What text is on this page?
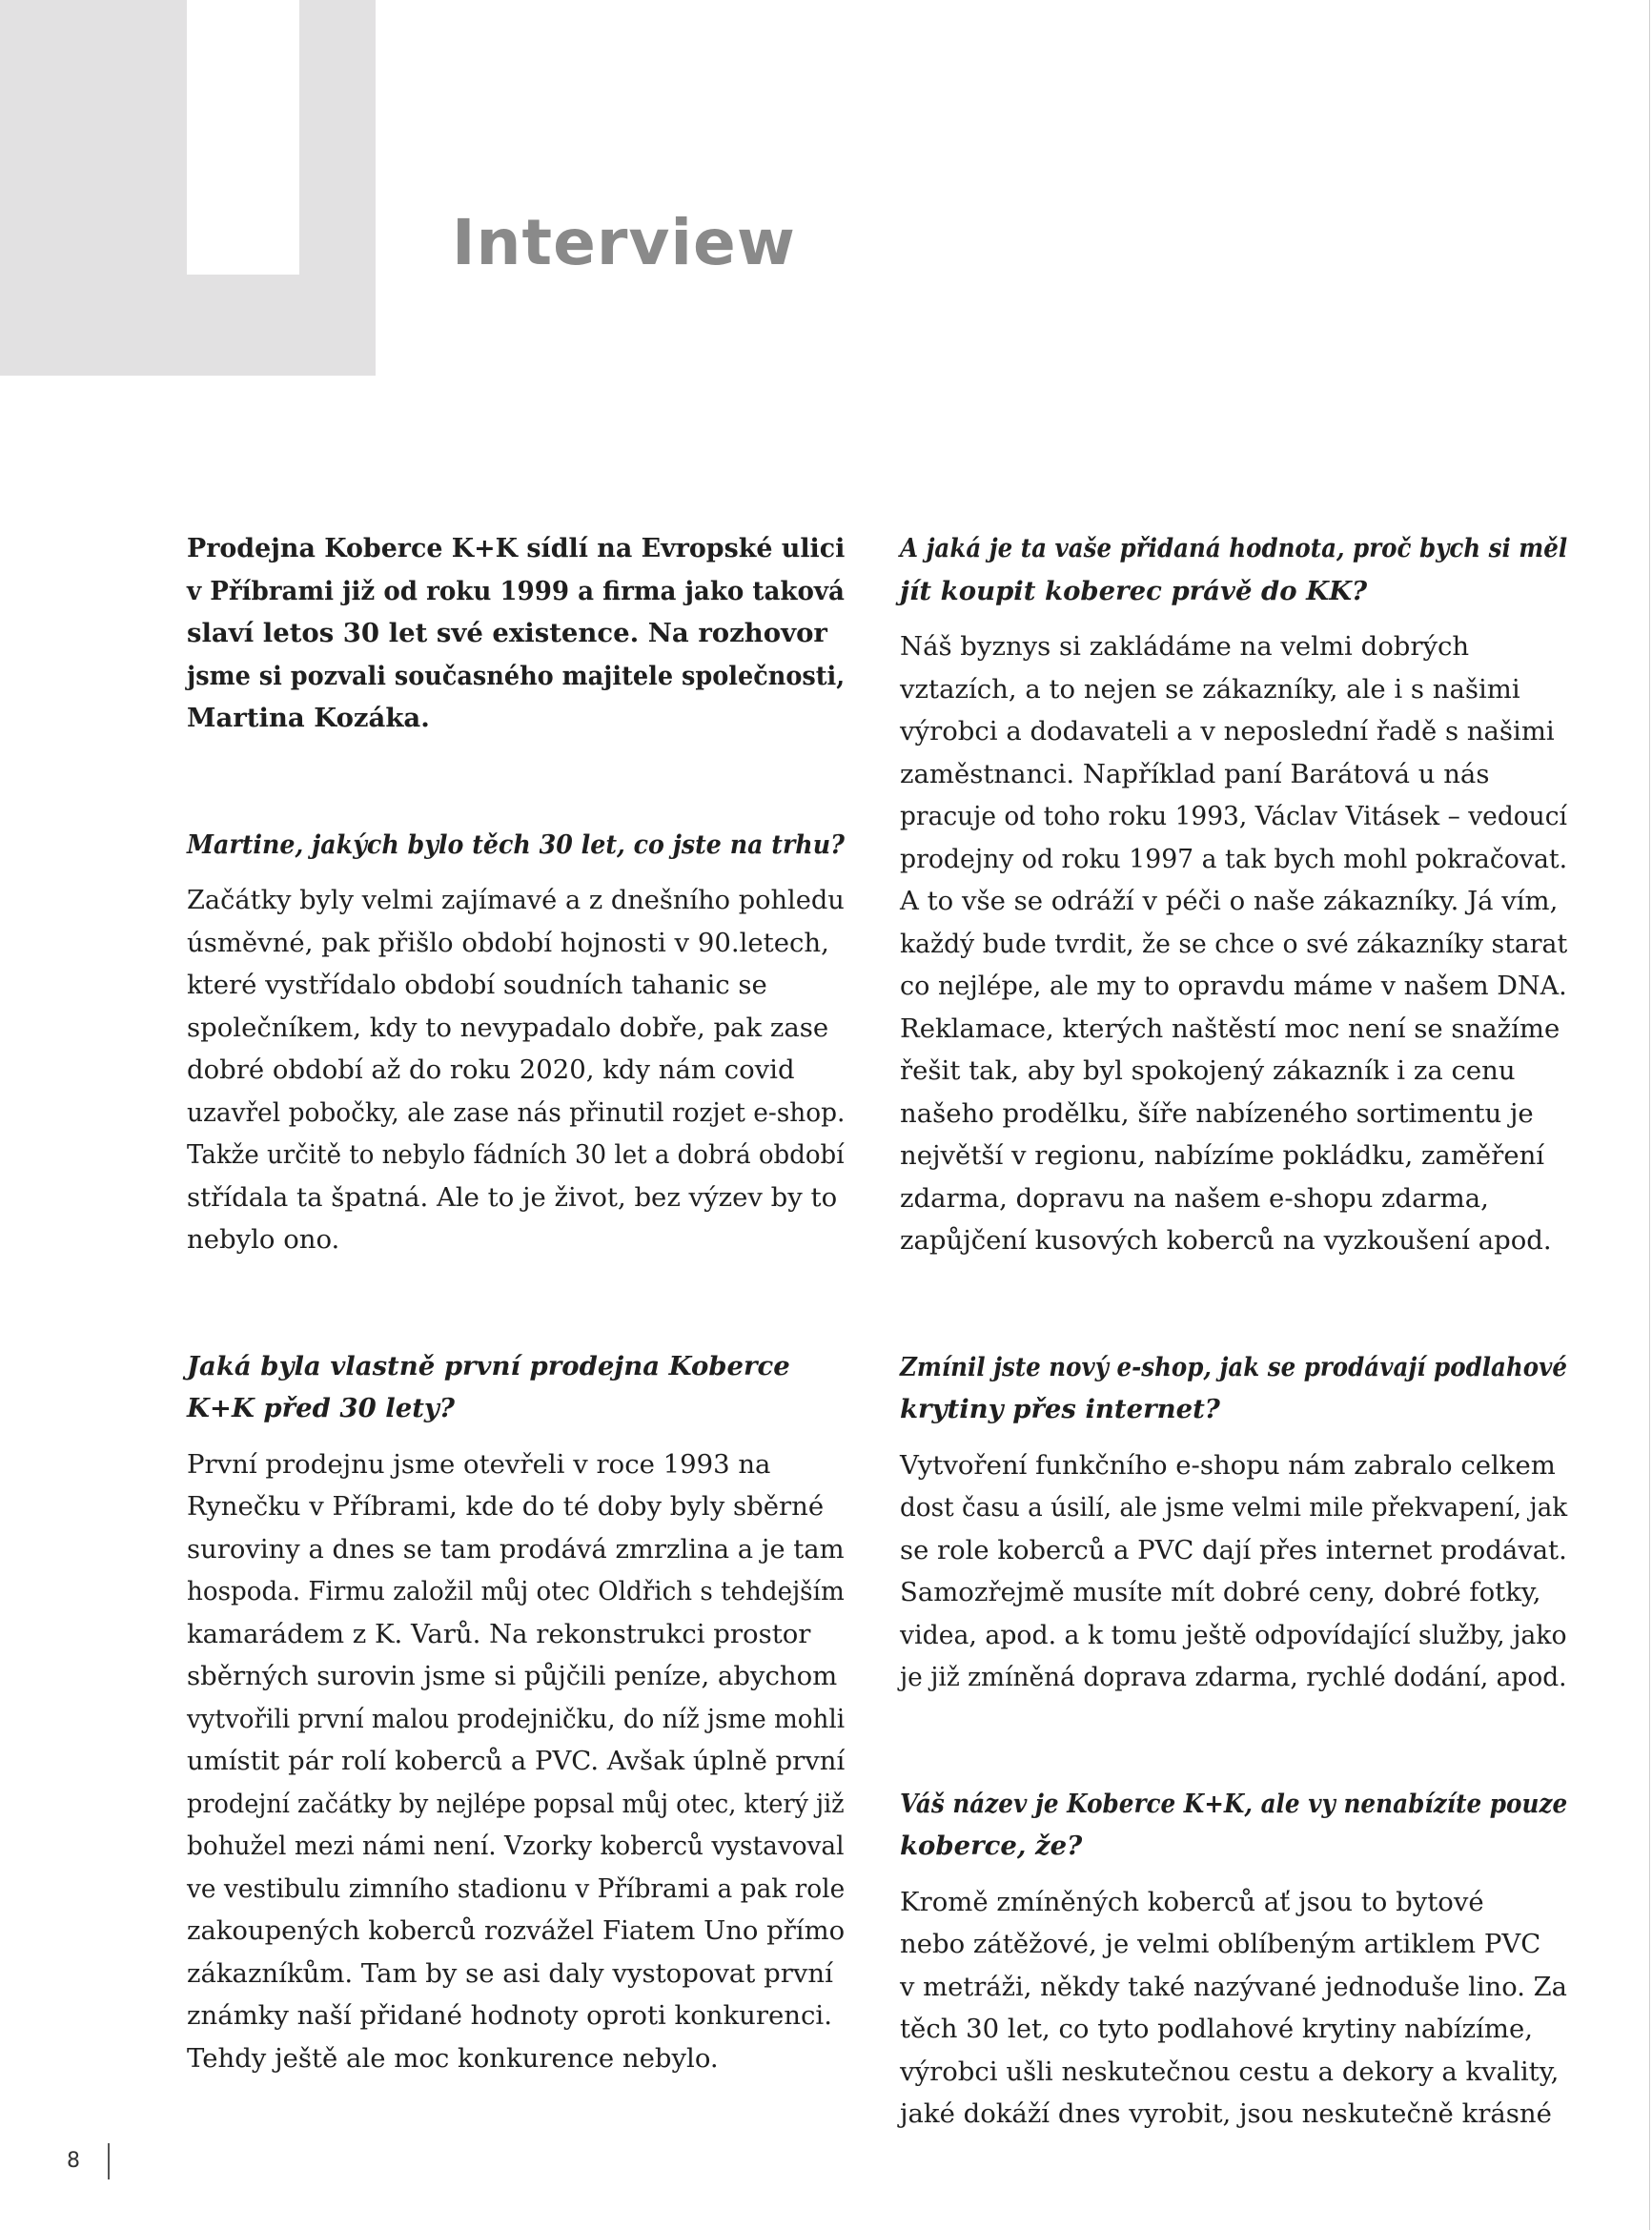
Interview

Prodejna Koberce K+K sídlí na Evropské ulici
v Příbrami již od roku 1999 a firma jako taková
slaví letos 30 let své existence. Na rozhovor
jsme si pozvali současného majitele společnosti,
Martina Kozáka.

Martine, jakých bylo těch 30 let, co jste na trhu?

Začátky byly velmi zajímavé a z dnešního pohledu
úsměvné, pak přišlo období hojnosti v 90.letech,
které vystřídalo období soudních tahanic se
společníkem, kdy to nevypadalo dobře, pak zase
dobré období až do roku 2020, kdy nám covid
uzavřel pobočky, ale zase nás přinutil rozjet e-shop.
Takže určitě to nebylo fádních 30 let a dobrá období
střídala ta špatná. Ale to je život, bez výzev by to
nebylo ono.

Jaká byla vlastně první prodejna Koberce
K+K před 30 lety?

První prodejnu jsme otevřeli v roce 1993 na
Rynečku v Příbrami, kde do té doby byly sběrné
suroviny a dnes se tam prodává zmrzlina a je tam
hospoda. Firmu založil můj otec Oldřich s tehdejším
kamarádem z K. Varů. Na rekonstrukci prostor
sběrných surovin jsme si půjčili peníze, abychom
vytvořili první malou prodejničku, do níž jsme mohli
umístit pár rolí koberců a PVC. Avšak úplně první
prodejní začátky by nejlépe popsal můj otec, který již
bohužel mezi námi není. Vzorky koberců vystavoval
ve vestibulu zimního stadionu v Příbrami a pak role
zakoupených koberců rozvážel Fiatem Uno přímo
zákazníkům. Tam by se asi daly vystopovat první
známky naší přidané hodnoty oproti konkurenci.
Tehdy ještě ale moc konkurence nebylo.

A jaká je ta vaše přidaná hodnota, proč bych si měl
jít koupit koberec právě do KK?

Náš byznys si zakládáme na velmi dobrých
vztazích, a to nejen se zákazníky, ale i s našimi
výrobci a dodavateli a v neposlední řadě s našimi
zaměstnanci. Například paní Barátová u nás
pracuje od toho roku 1993, Václav Vitásek – vedoucí
prodejny od roku 1997 a tak bych mohl pokračovat.
A to vše se odráží v péči o naše zákazníky. Já vím,
každý bude tvrdit, že se chce o své zákazníky starat
co nejlépe, ale my to opravdu máme v našem DNA.
Reklamace, kterých naštěstí moc není se snažíme
řešit tak, aby byl spokojený zákazník i za cenu
našeho prodělku, šíře nabízeného sortimentu je
největší v regionu, nabízíme pokládku, zaměření
zdarma, dopravu na našem e-shopu zdarma,
zapůjčení kusových koberců na vyzkoušení apod.

Zmínil jste nový e-shop, jak se prodávají podlahové
krytiny přes internet?

Vytvoření funkčního e-shopu nám zabralo celkem
dost času a úsilí, ale jsme velmi mile překvapení, jak
se role koberců a PVC dají přes internet prodávat.
Samozřejmě musíte mít dobré ceny, dobré fotky,
videa, apod. a k tomu ještě odpovídající služby, jako
je již zmíněná doprava zdarma, rychlé dodání, apod.

Váš název je Koberce K+K, ale vy nenabízíte pouze
koberce, že?

Kromě zmíněných koberců ať jsou to bytové
nebo zátěžové, je velmi oblíbeným artiklem PVC
v metráži, někdy také nazývané jednoduše lino. Za
těch 30 let, co tyto podlahové krytiny nabízíme,
výrobci ušli neskutečnou cestu a dekory a kvality,
jaké dokáží dnes vyrobit, jsou neskutečně krásné

8
